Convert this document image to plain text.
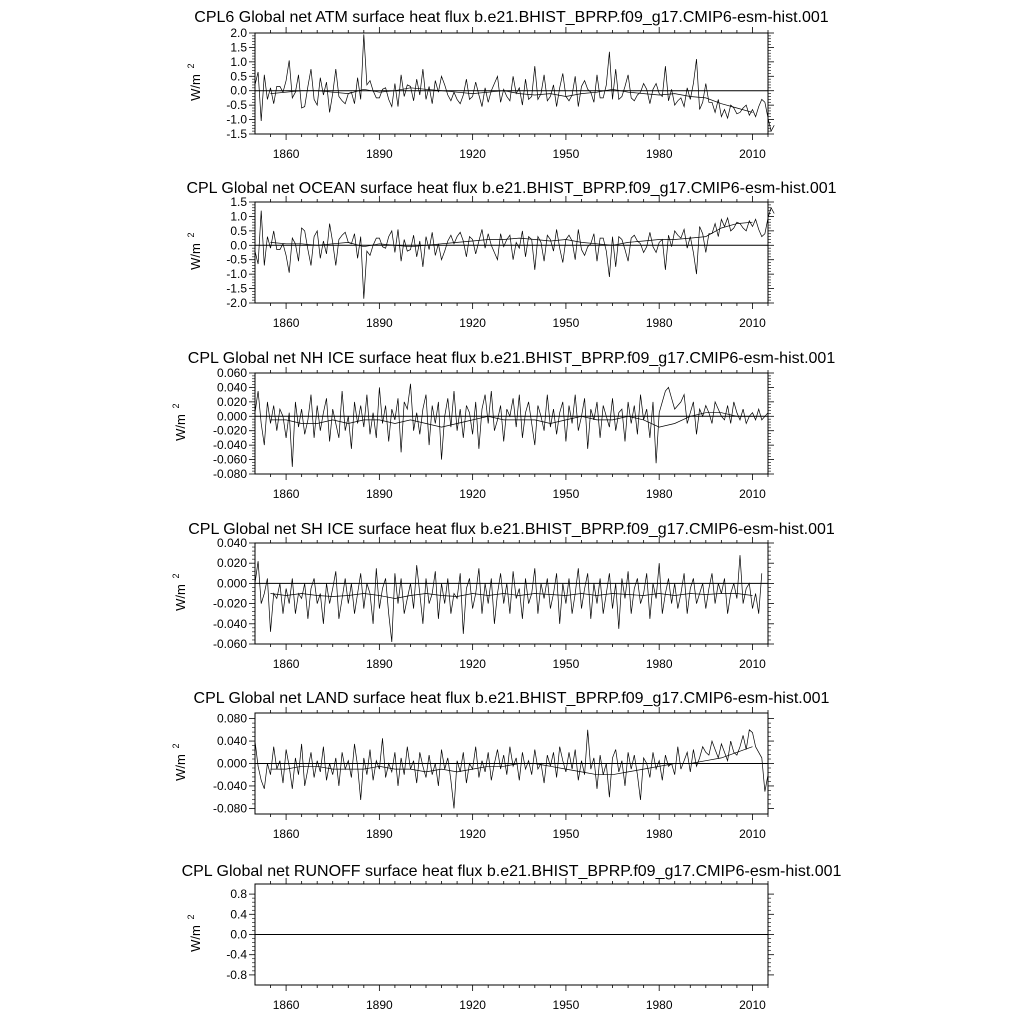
CPL6 Global net ATM surface heat flux b.e21.BHIST_BPRP.f09_g17.CMIP6-esm-hist.001
1860	1890	1920	1950	1980	2010
-1.5
-1.0
-0.5
0.0
0.5
1.0
1.5
2.0
W/m
2
CPL Global net OCEAN surface heat flux b.e21.BHIST_BPRP.f09_g17.CMIP6-esm-hist.001
1860	1890	1920	1950	1980	2010
-2.0
-1.5
-1.0
-0.5
0.0
0.5
1.0
1.5
W/m
2
CPL Global net NH ICE surface heat flux b.e21.BHIST_BPRP.f09_g17.CMIP6-esm-hist.001
1860	1890	1920	1950	1980	2010
-0.080
-0.060
-0.040
-0.020
0.000
0.020
0.040
0.060
W/m
2
CPL Global net SH ICE surface heat flux b.e21.BHIST_BPRP.f09_g17.CMIP6-esm-hist.001
1860	1890	1920	1950	1980	2010
-0.060
-0.040
-0.020
0.000
0.020
0.040
W/m
2
CPL Global net LAND surface heat flux b.e21.BHIST_BPRP.f09_g17.CMIP6-esm-hist.001
1860	1890	1920	1950	1980	2010
-0.080
-0.040
0.000
0.040
0.080
W/m
2
CPL Global net RUNOFF surface heat flux b.e21.BHIST_BPRP.f09_g17.CMIP6-esm-hist.001
1860	1890	1920	1950	1980	2010
-0.8
-0.4
0.0
0.4
0.8
W/m
2
